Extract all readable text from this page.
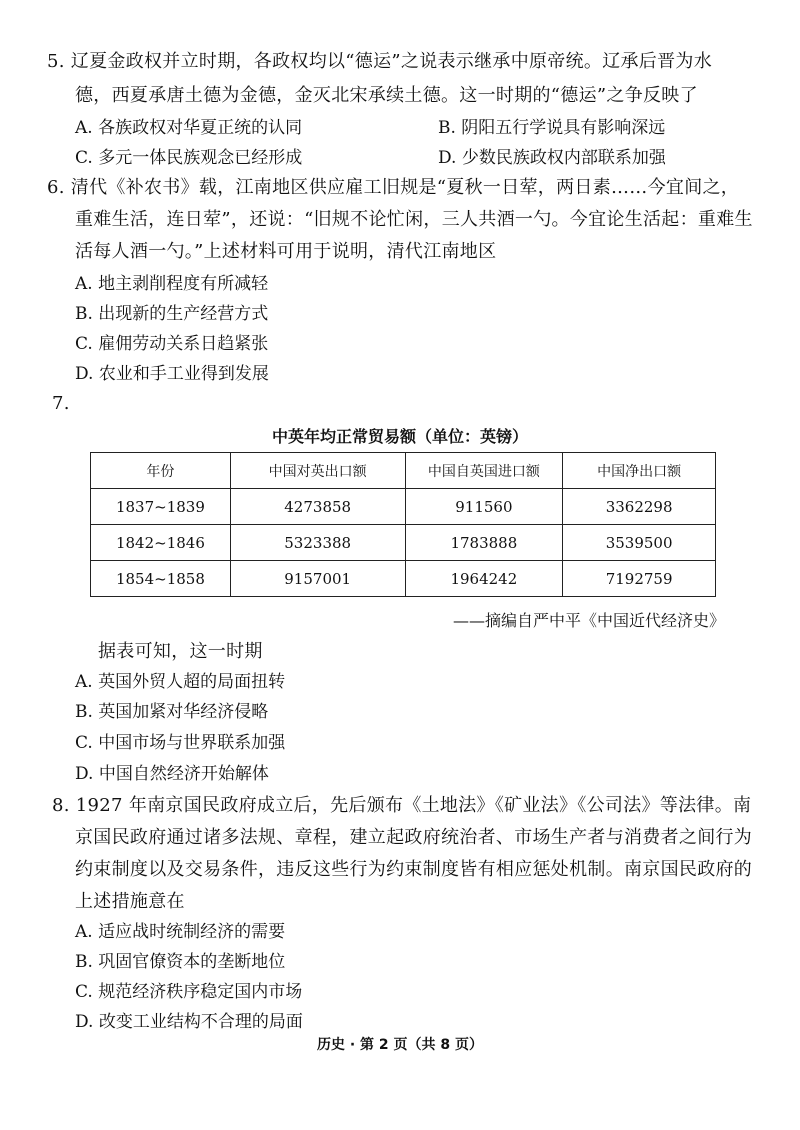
5. 辽夏金政权并立时期，各政权均以“德运”之说表示继承中原帝统。辽承后晋为水
德，西夏承唐土德为金德，金灭北宋承续土德。这一时期的“德运”之争反映了
A. 各族政权对华夏正统的认同	B. 阴阳五行学说具有影响深远
C. 多元一体民族观念已经形成	D. 少数民族政权内部联系加强
6. 清代《补农书》载，江南地区供应雇工旧规是“夏秋一日荤，两日素……今宜间之，
重难生活，连日荤”，还说：“旧规不论忙闲，三人共酒一勺。今宜论生活起：重难生
活每人酒一勺。”上述材料可用于说明，清代江南地区
A. 地主剥削程度有所减轻
B. 出现新的生产经营方式
C. 雇佣劳动关系日趋紧张
D. 农业和手工业得到发展
7.
中英年均正常贸易额（单位：英镑）
年份	中国对英出口额	中国自英国进口额	中国净出口额
1837~1839	4273858	911560	3362298
1842~1846	5323388	1783888	3539500
1854~1858	9157001	1964242	7192759
——摘编自严中平《中国近代经济史》
据表可知，这一时期
A. 英国外贸人超的局面扭转
B. 英国加紧对华经济侵略
C. 中国市场与世界联系加强
D. 中国自然经济开始解体
8. 1927 年南京国民政府成立后，先后颁布《土地法》《矿业法》《公司法》等法律。南
京国民政府通过诸多法规、章程，建立起政府统治者、市场生产者与消费者之间行为
约束制度以及交易条件，违反这些行为约束制度皆有相应惩处机制。南京国民政府的
上述措施意在
A. 适应战时统制经济的需要
B. 巩固官僚资本的垄断地位
C. 规范经济秩序稳定国内市场
D. 改变工业结构不合理的局面
历史 · 第 2 页（共 8 页）
